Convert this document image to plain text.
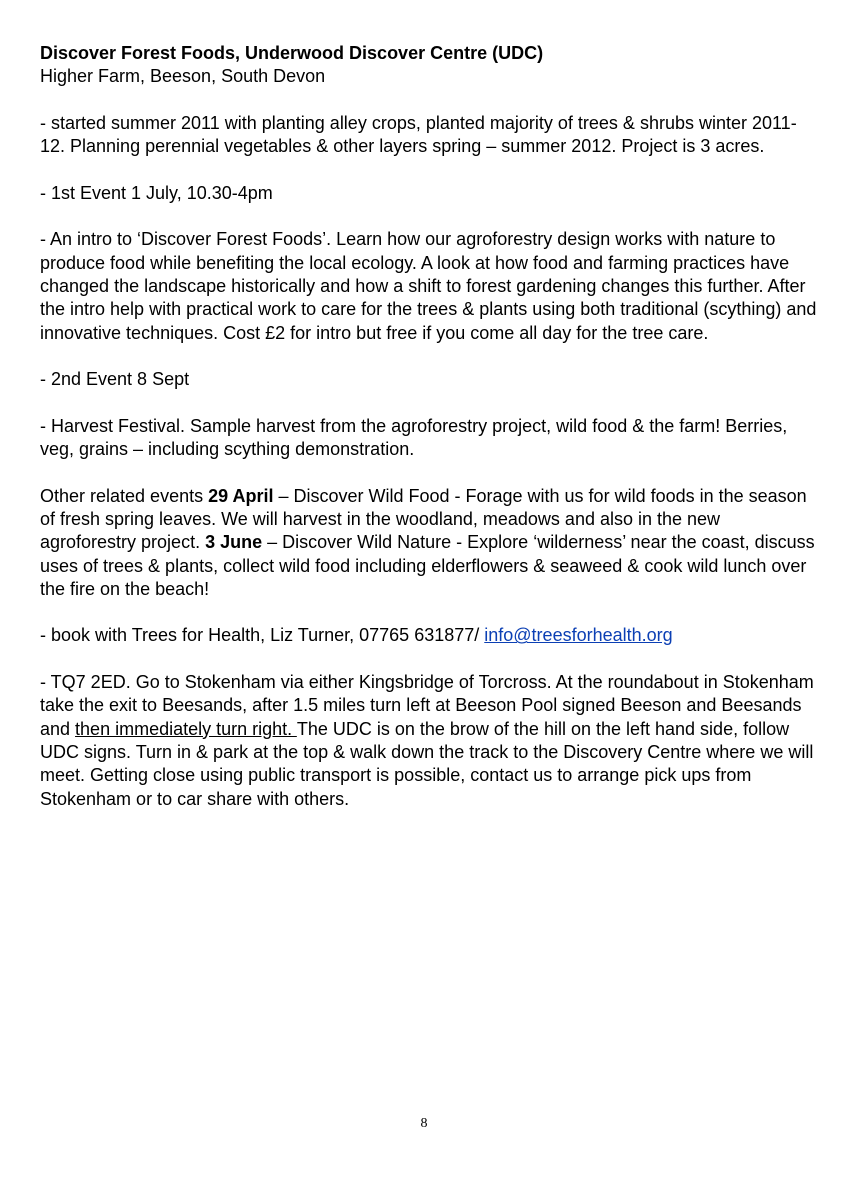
Discover Forest Foods, Underwood Discover Centre (UDC)
Higher Farm, Beeson, South Devon

- started summer 2011 with planting alley crops, planted majority of trees & shrubs winter 2011-12. Planning perennial vegetables & other layers spring – summer 2012. Project is 3 acres.

- 1st Event 1 July, 10.30-4pm

- An intro to ‘Discover Forest Foods’. Learn how our agroforestry design works with nature to produce food while benefiting the local ecology. A look at how food and farming practices have changed the landscape historically and how a shift to forest gardening changes this further. After the intro help with practical work to care for the trees & plants using both traditional (scything) and innovative techniques. Cost £2 for intro but free if you come all day for the tree care.

- 2nd Event 8 Sept

- Harvest Festival. Sample harvest from the agroforestry project, wild food & the farm! Berries, veg, grains – including scything demonstration.

Other related events 29 April – Discover Wild Food - Forage with us for wild foods in the season of fresh spring leaves. We will harvest in the woodland, meadows and also in the new agroforestry project. 3 June – Discover Wild Nature - Explore ‘wilderness’ near the coast, discuss uses of trees & plants, collect wild food including elderflowers & seaweed & cook wild lunch over the fire on the beach!

- book with Trees for Health, Liz Turner, 07765 631877/ info@treesforhealth.org

- TQ7 2ED. Go to Stokenham via either Kingsbridge of Torcross. At the roundabout in Stokenham take the exit to Beesands, after 1.5 miles turn left at Beeson Pool signed Beeson and Beesands and then immediately turn right. The UDC is on the brow of the hill on the left hand side, follow UDC signs. Turn in & park at the top & walk down the track to the Discovery Centre where we will meet. Getting close using public transport is possible, contact us to arrange pick ups from Stokenham or to car share with others.

8
